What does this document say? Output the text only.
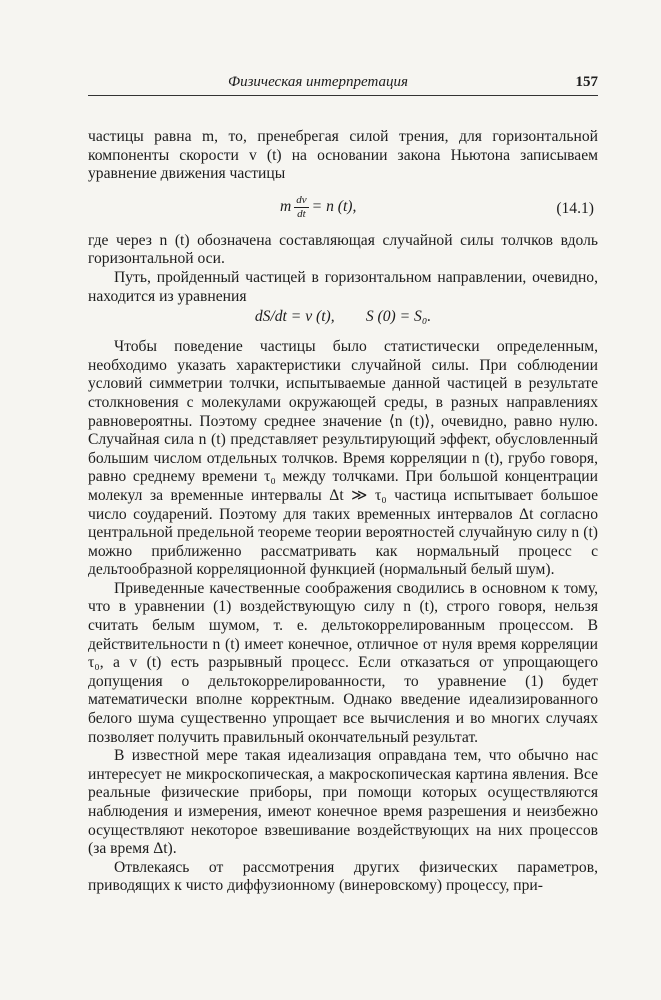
Физическая интерпретация	157

частицы равна m, то, пренебрегая силой трения, для горизонтальной компоненты скорости v (t) на основании закона Ньютона записываем уравнение движения частицы

m $\frac{dv}{dt} = n$ (t),	(14.1)

где через n (t) обозначена составляющая случайной силы толчков вдоль горизонтальной оси.

Путь, пройденный частицей в горизонтальном направлении, очевидно, находится из уравнения

dS/dt = v (t),        S (0) = S₀.

Чтобы поведение частицы было статистически определенным, необходимо указать характеристики случайной силы. При соблюдении условий симметрии толчки, испытываемые данной частицей в результате столкновения с молекулами окружающей среды, в разных направлениях равновероятны. Поэтому среднее значение ⟨n (t)⟩, очевидно, равно нулю. Случайная сила n (t) представляет результирующий эффект, обусловленный большим числом отдельных толчков. Время корреляции n (t), грубо говоря, равно среднему времени τ₀ между толчками. При большой концентрации молекул за временные интервалы Δt ≫ τ₀ частица испытывает большое число соударений. Поэтому для таких временных интервалов Δt согласно центральной предельной теореме теории вероятностей случайную силу n (t) можно приближенно рассматривать как нормальный процесс с дельтообразной корреляционной функцией (нормальный белый шум).

Приведенные качественные соображения сводились в основном к тому, что в уравнении (1) воздействующую силу n (t), строго говоря, нельзя считать белым шумом, т. е. дельтокоррелированным процессом. В действительности n (t) имеет конечное, отличное от нуля время корреляции τ₀, а v (t) есть разрывный процесс. Если отказаться от упрощающего допущения о дельтокоррелированности, то уравнение (1) будет математически вполне корректным. Однако введение идеализированного белого шума существенно упрощает все вычисления и во многих случаях позволяет получить правильный окончательный результат.

В известной мере такая идеализация оправдана тем, что обычно нас интересует не микроскопическая, а макроскопическая картина явления. Все реальные физические приборы, при помощи которых осуществляются наблюдения и измерения, имеют конечное время разрешения и неизбежно осуществляют некоторое взвешивание воздействующих на них процессов (за время Δt).

Отвлекаясь от рассмотрения других физических параметров, приводящих к чисто диффузионному (винеровскому) процессу, при-
